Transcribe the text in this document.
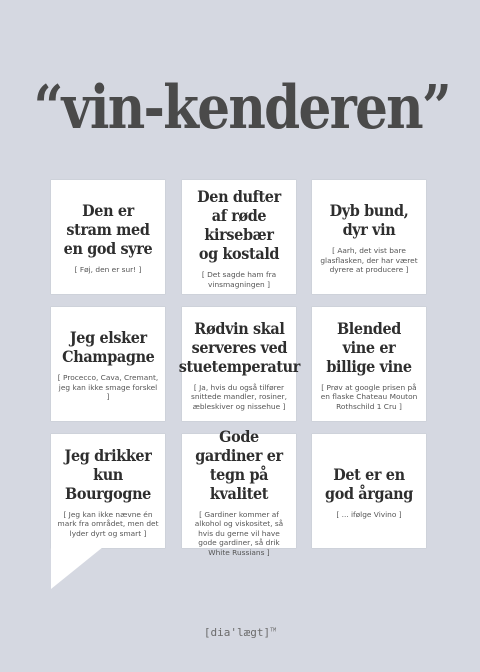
“vin-kenderen”
Den er stram med en god syre
[ Føj, den er sur! ]
Den dufter af røde kirsebær og kostald
[ Det sagde ham fra vinsmagningen ]
Dyb bund, dyr vin
[ Aarh, det vist bare glasflasken, der har været dyrere at producere ]
Jeg elsker Champagne
[ Procecco, Cava, Cremant, jeg kan ikke smage forskel ]
Rødvin skal serveres ved stuetemperatur
[ Ja, hvis du også tilfører snittede mandler, rosiner, æbleskiver og nissehue ]
Blended vine er billige vine
[ Prøv at google prisen på en flaske Chateau Mouton Rothschild 1 Cru ]
Jeg drikker kun Bourgogne
[ Jeg kan ikke nævne én mark fra området, men det lyder dyrt og smart ]
Gode gardiner er tegn på kvalitet
[ Gardiner kommer af alkohol og viskositet, så hvis du gerne vil have gode gardiner, så drik White Russians ]
Det er en god årgang
[ ... ifølge Vivino ]
[dia'lægt]™
